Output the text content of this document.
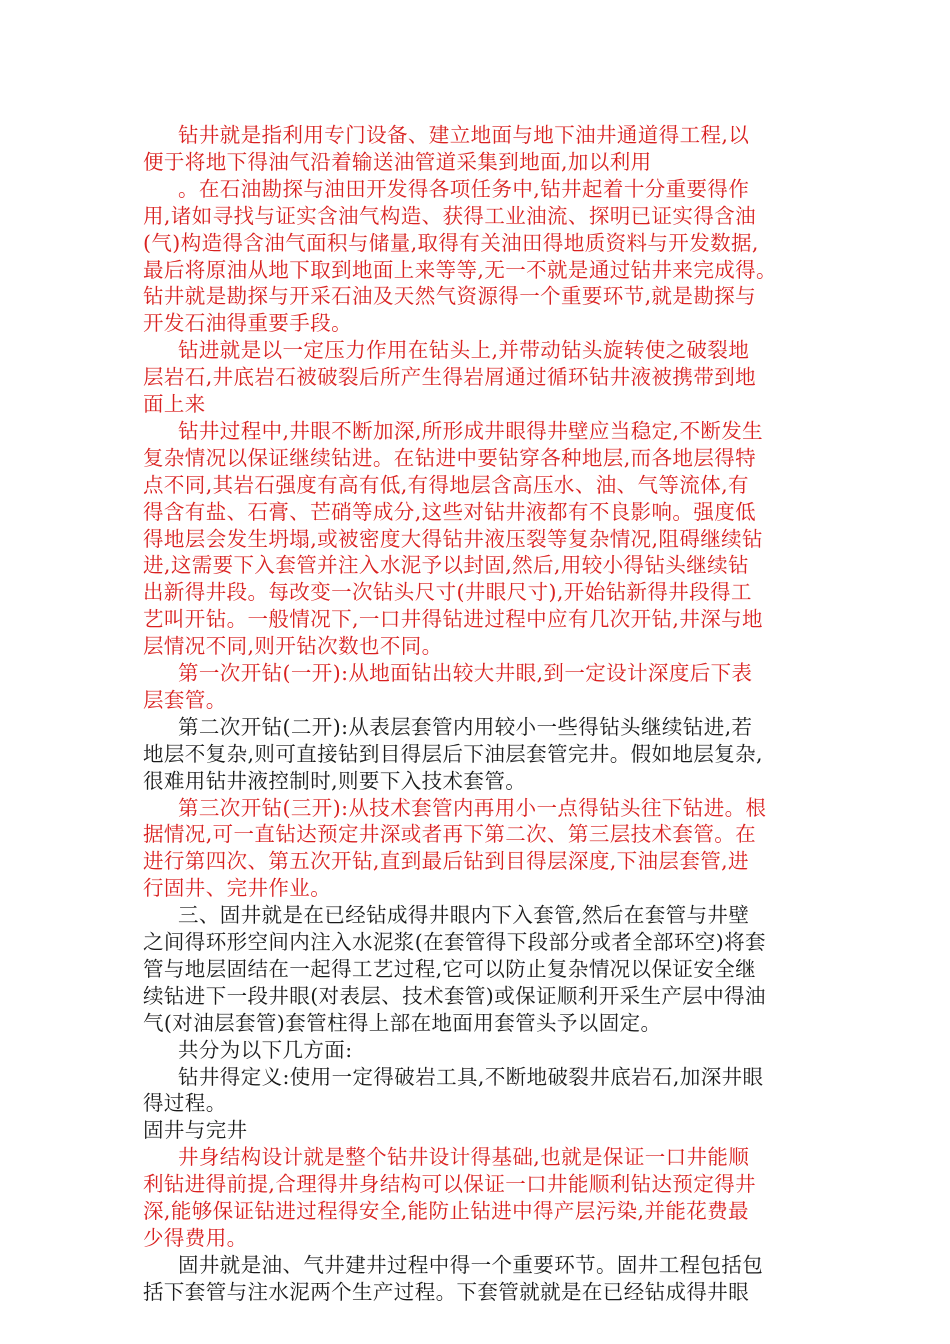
钻井就是指利用专门设备、建立地面与地下油井通道得工程,以
便于将地下得油气沿着输送油管道采集到地面,加以利用
。在石油勘探与油田开发得各项任务中,钻井起着十分重要得作
用,诸如寻找与证实含油气构造、获得工业油流、探明已证实得含油
(气)构造得含油气面积与储量,取得有关油田得地质资料与开发数据,
最后将原油从地下取到地面上来等等,无一不就是通过钻井来完成得。
钻井就是勘探与开采石油及天然气资源得一个重要环节,就是勘探与
开发石油得重要手段。
钻进就是以一定压力作用在钻头上,并带动钻头旋转使之破裂地
层岩石,井底岩石被破裂后所产生得岩屑通过循环钻井液被携带到地
面上来
钻井过程中,井眼不断加深,所形成井眼得井壁应当稳定,不断发生
复杂情况以保证继续钻进。在钻进中要钻穿各种地层,而各地层得特
点不同,其岩石强度有高有低,有得地层含高压水、油、气等流体,有
得含有盐、石膏、芒硝等成分,这些对钻井液都有不良影响。强度低
得地层会发生坍塌,或被密度大得钻井液压裂等复杂情况,阻碍继续钻
进,这需要下入套管并注入水泥予以封固,然后,用较小得钻头继续钻
出新得井段。每改变一次钻头尺寸(井眼尺寸),开始钻新得井段得工
艺叫开钻。一般情况下,一口井得钻进过程中应有几次开钻,井深与地
层情况不同,则开钻次数也不同。
第一次开钻(一开):从地面钻出较大井眼,到一定设计深度后下表
层套管。
第二次开钻(二开):从表层套管内用较小一些得钻头继续钻进,若
地层不复杂,则可直接钻到目得层后下油层套管完井。假如地层复杂,
很难用钻井液控制时,则要下入技术套管。
第三次开钻(三开):从技术套管内再用小一点得钻头往下钻进。根
据情况,可一直钻达预定井深或者再下第二次、第三层技术套管。在
进行第四次、第五次开钻,直到最后钻到目得层深度,下油层套管,进
行固井、完井作业。
三、固井就是在已经钻成得井眼内下入套管,然后在套管与井壁
之间得环形空间内注入水泥浆(在套管得下段部分或者全部环空)将套
管与地层固结在一起得工艺过程,它可以防止复杂情况以保证安全继
续钻进下一段井眼(对表层、技术套管)或保证顺利开采生产层中得油
气(对油层套管)套管柱得上部在地面用套管头予以固定。
共分为以下几方面:
钻井得定义:使用一定得破岩工具,不断地破裂井底岩石,加深井眼
得过程。
固井与完井
井身结构设计就是整个钻井设计得基础,也就是保证一口井能顺
利钻进得前提,合理得井身结构可以保证一口井能顺利钻达预定得井
深,能够保证钻进过程得安全,能防止钻进中得产层污染,并能花费最
少得费用。
固井就是油、气井建井过程中得一个重要环节。固井工程包括包
括下套管与注水泥两个生产过程。下套管就就是在已经钻成得井眼
